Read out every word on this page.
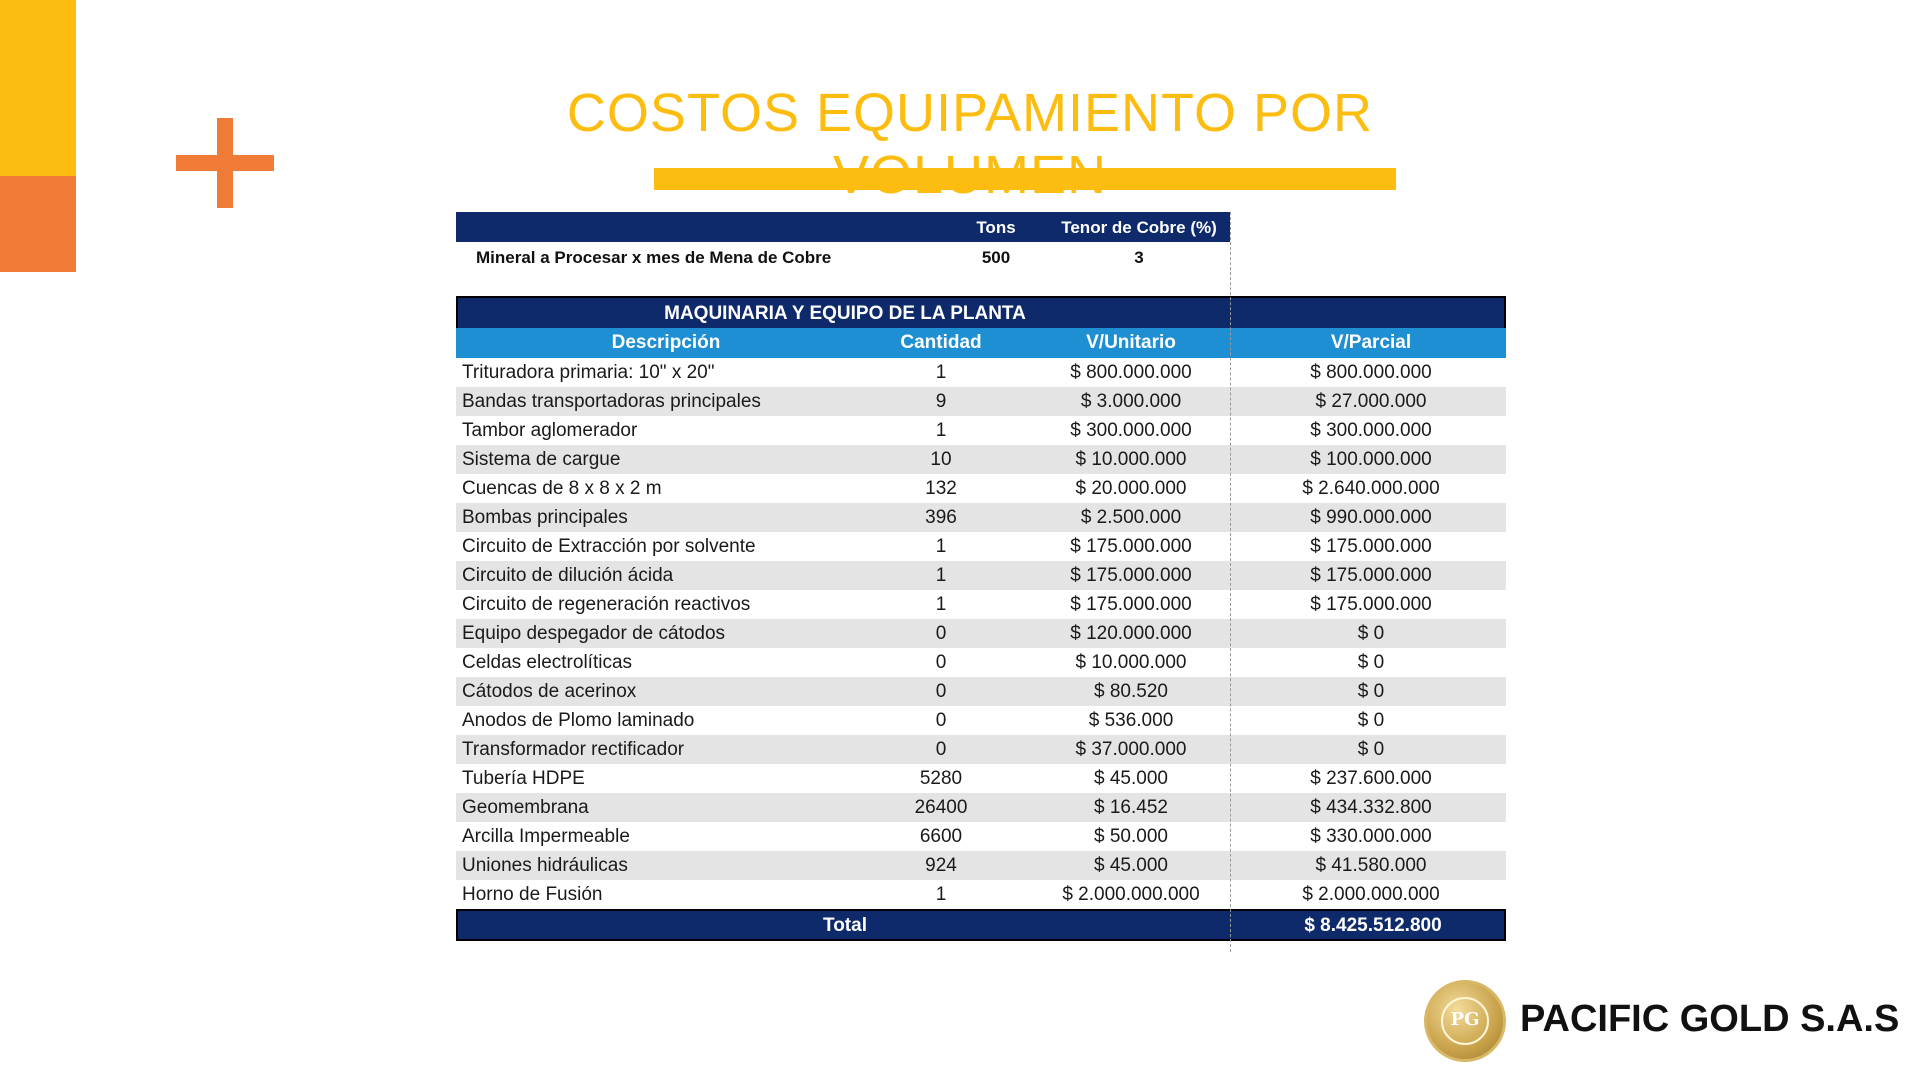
COSTOS EQUIPAMIENTO POR
Tons	Tenor de Cobre (%)
Mineral a Procesar x mes de Mena de Cobre	500	3
MAQUINARIA Y EQUIPO DE LA PLANTA
Descripción	Cantidad	V/Unitario	V/Parcial
Trituradora primaria: 10" x 20"	1	$ 800.000.000	$ 800.000.000
Bandas transportadoras principales	9	$ 3.000.000	$ 27.000.000
Tambor aglomerador	1	$ 300.000.000	$ 300.000.000
Sistema de cargue	10	$ 10.000.000	$ 100.000.000
Cuencas de 8 x 8 x 2 m	132	$ 20.000.000	$ 2.640.000.000
Bombas principales	396	$ 2.500.000	$ 990.000.000
Circuito de Extracción por solvente	1	$ 175.000.000	$ 175.000.000
Circuito de dilución ácida	1	$ 175.000.000	$ 175.000.000
Circuito de regeneración reactivos	1	$ 175.000.000	$ 175.000.000
Equipo despegador de cátodos	0	$ 120.000.000	$ 0
Celdas electrolíticas	0	$ 10.000.000	$ 0
Cátodos de acerinox	0	$ 80.520	$ 0
Anodos de Plomo laminado	0	$ 536.000	$ 0
Transformador rectificador	0	$ 37.000.000	$ 0
Tubería HDPE	5280	$ 45.000	$ 237.600.000
Geomembrana	26400	$ 16.452	$ 434.332.800
Arcilla Impermeable	6600	$ 50.000	$ 330.000.000
Uniones hidráulicas	924	$ 45.000	$ 41.580.000
Horno de Fusión	1	$ 2.000.000.000	$ 2.000.000.000
Total	$ 8.425.512.800
PG	PACIFIC GOLD S.A.S
